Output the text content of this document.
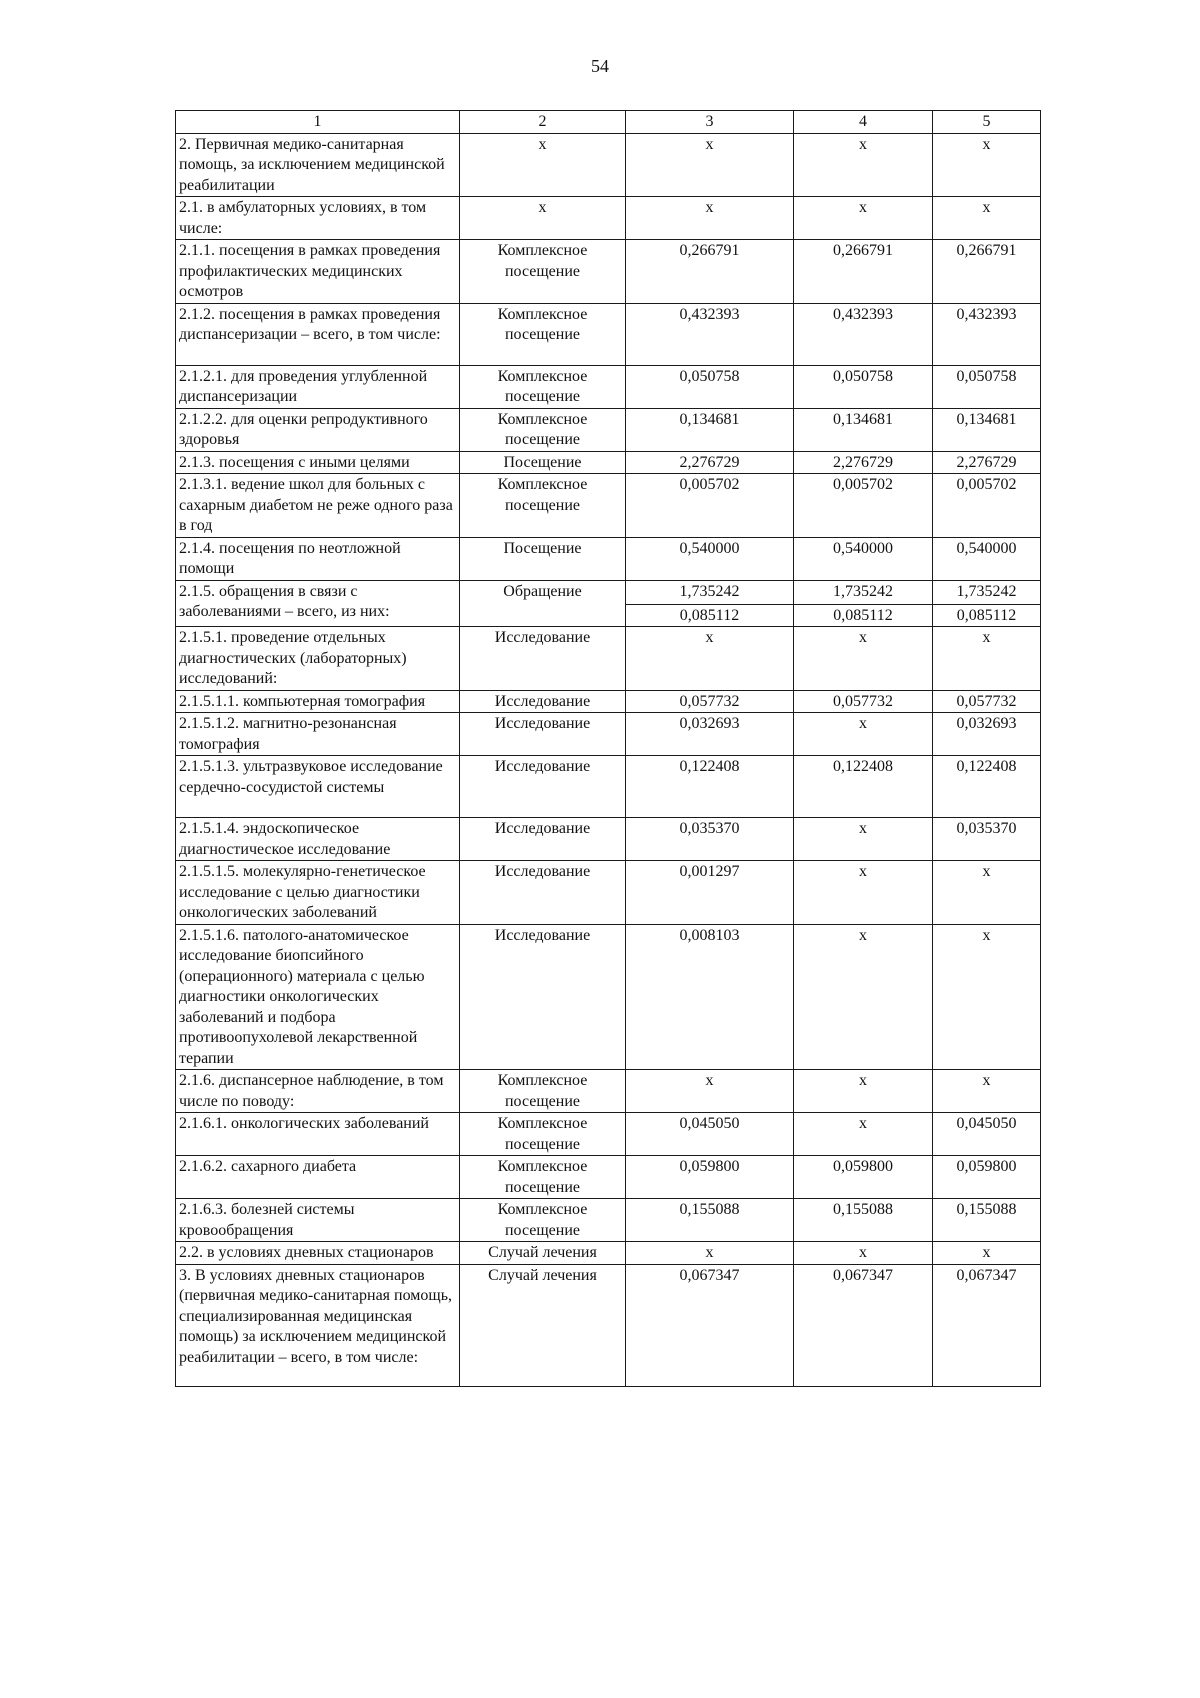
54
1	2	3	4	5
2. Первичная медико-санитарная помощь, за исключением медицинской реабилитации	х	х	х	х
2.1. в амбулаторных условиях, в том числе:	х	х	х	х
2.1.1. посещения в рамках проведения профилактических медицинских осмотров	Комплексное посещение	0,266791	0,266791	0,266791
2.1.2. посещения в рамках проведения диспансеризации – всего, в том числе:	Комплексное посещение	0,432393	0,432393	0,432393
2.1.2.1. для проведения углубленной диспансеризации	Комплексное посещение	0,050758	0,050758	0,050758
2.1.2.2. для оценки репродуктивного здоровья	Комплексное посещение	0,134681	0,134681	0,134681
2.1.3. посещения с иными целями	Посещение	2,276729	2,276729	2,276729
2.1.3.1. ведение школ для больных с сахарным диабетом не реже одного раза в год	Комплексное посещение	0,005702	0,005702	0,005702
2.1.4. посещения по неотложной помощи	Посещение	0,540000	0,540000	0,540000
2.1.5. обращения в связи с заболеваниями – всего, из них:	Обращение	1,735242	1,735242	1,735242
		0,085112	0,085112	0,085112
2.1.5.1. проведение отдельных диагностических (лабораторных) исследований:	Исследование	х	х	х
2.1.5.1.1. компьютерная томография	Исследование	0,057732	0,057732	0,057732
2.1.5.1.2. магнитно-резонансная томография	Исследование	0,032693	х	0,032693
2.1.5.1.3. ультразвуковое исследование сердечно-сосудистой системы	Исследование	0,122408	0,122408	0,122408
2.1.5.1.4. эндоскопическое диагностическое исследование	Исследование	0,035370	х	0,035370
2.1.5.1.5. молекулярно-генетическое исследование с целью диагностики онкологических заболеваний	Исследование	0,001297	х	х
2.1.5.1.6. патолого-анатомическое исследование биопсийного (операционного) материала с целью диагностики онкологических заболеваний и подбора противоопухолевой лекарственной терапии	Исследование	0,008103	х	х
2.1.6. диспансерное наблюдение, в том числе по поводу:	Комплексное посещение	х	х	х
2.1.6.1. онкологических заболеваний	Комплексное посещение	0,045050	х	0,045050
2.1.6.2. сахарного диабета	Комплексное посещение	0,059800	0,059800	0,059800
2.1.6.3. болезней системы кровообращения	Комплексное посещение	0,155088	0,155088	0,155088
2.2. в условиях дневных стационаров	Случай лечения	х	х	х
3. В условиях дневных стационаров (первичная медико-санитарная помощь, специализированная медицинская помощь) за исключением медицинской реабилитации – всего, в том числе:	Случай лечения	0,067347	0,067347	0,067347
